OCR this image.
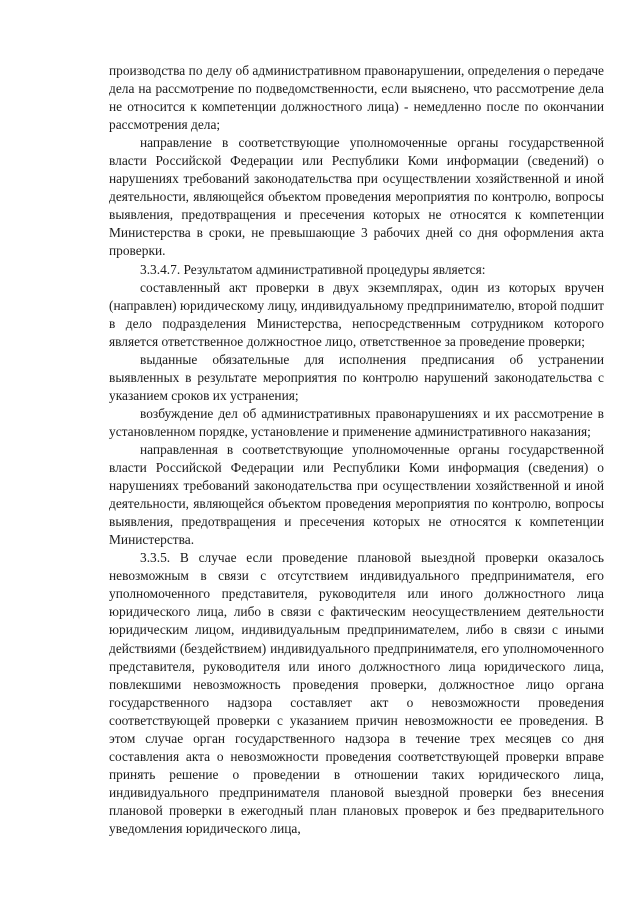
производства по делу об административном правонарушении, определения о передаче дела на рассмотрение по подведомственности, если выяснено, что рассмотрение дела не относится к компетенции должностного лица) - немедленно после по окончании рассмотрения дела;

направление в соответствующие уполномоченные органы государственной власти Российской Федерации или Республики Коми информации (сведений) о нарушениях требований законодательства при осуществлении хозяйственной и иной деятельности, являющейся объектом проведения мероприятия по контролю, вопросы выявления, предотвращения и пресечения которых не относятся к компетенции Министерства в сроки, не превышающие 3 рабочих дней со дня оформления акта проверки.

3.3.4.7. Результатом административной процедуры является:

составленный акт проверки в двух экземплярах, один из которых вручен (направлен) юридическому лицу, индивидуальному предпринимателю, второй подшит в дело подразделения Министерства, непосредственным сотрудником которого является ответственное должностное лицо, ответственное за проведение проверки;

выданные обязательные для исполнения предписания об устранении выявленных в результате мероприятия по контролю нарушений законодательства с указанием сроков их устранения;

возбуждение дел об административных правонарушениях и их рассмотрение в установленном порядке, установление и применение административного наказания;

направленная в соответствующие уполномоченные органы государственной власти Российской Федерации или Республики Коми информация (сведения) о нарушениях требований законодательства при осуществлении хозяйственной и иной деятельности, являющейся объектом проведения мероприятия по контролю, вопросы выявления, предотвращения и пресечения которых не относятся к компетенции Министерства.

3.3.5. В случае если проведение плановой выездной проверки оказалось невозможным в связи с отсутствием индивидуального предпринимателя, его уполномоченного представителя, руководителя или иного должностного лица юридического лица, либо в связи с фактическим неосуществлением деятельности юридическим лицом, индивидуальным предпринимателем, либо в связи с иными действиями (бездействием) индивидуального предпринимателя, его уполномоченного представителя, руководителя или иного должностного лица юридического лица, повлекшими невозможность проведения проверки, должностное лицо органа государственного надзора составляет акт о невозможности проведения соответствующей проверки с указанием причин невозможности ее проведения. В этом случае орган государственного надзора в течение трех месяцев со дня составления акта о невозможности проведения соответствующей проверки вправе принять решение о проведении в отношении таких юридического лица, индивидуального предпринимателя плановой выездной проверки без внесения плановой проверки в ежегодный план плановых проверок и без предварительного уведомления юридического лица,
